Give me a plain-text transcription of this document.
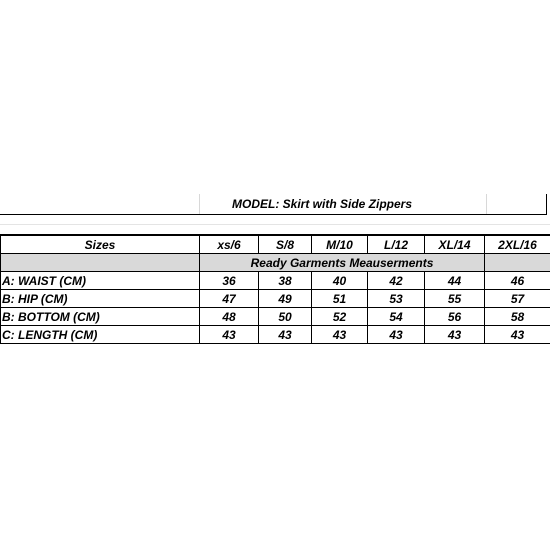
MODEL: Skirt with Side Zippers
Sizes	xs/6	S/8	M/10	L/12	XL/14	2XL/16
	Ready Garments Meauserments					
A: WAIST (CM)	36	38	40	42	44	46
B: HIP (CM)	47	49	51	53	55	57
B: BOTTOM (CM)	48	50	52	54	56	58
C: LENGTH (CM)	43	43	43	43	43	43
